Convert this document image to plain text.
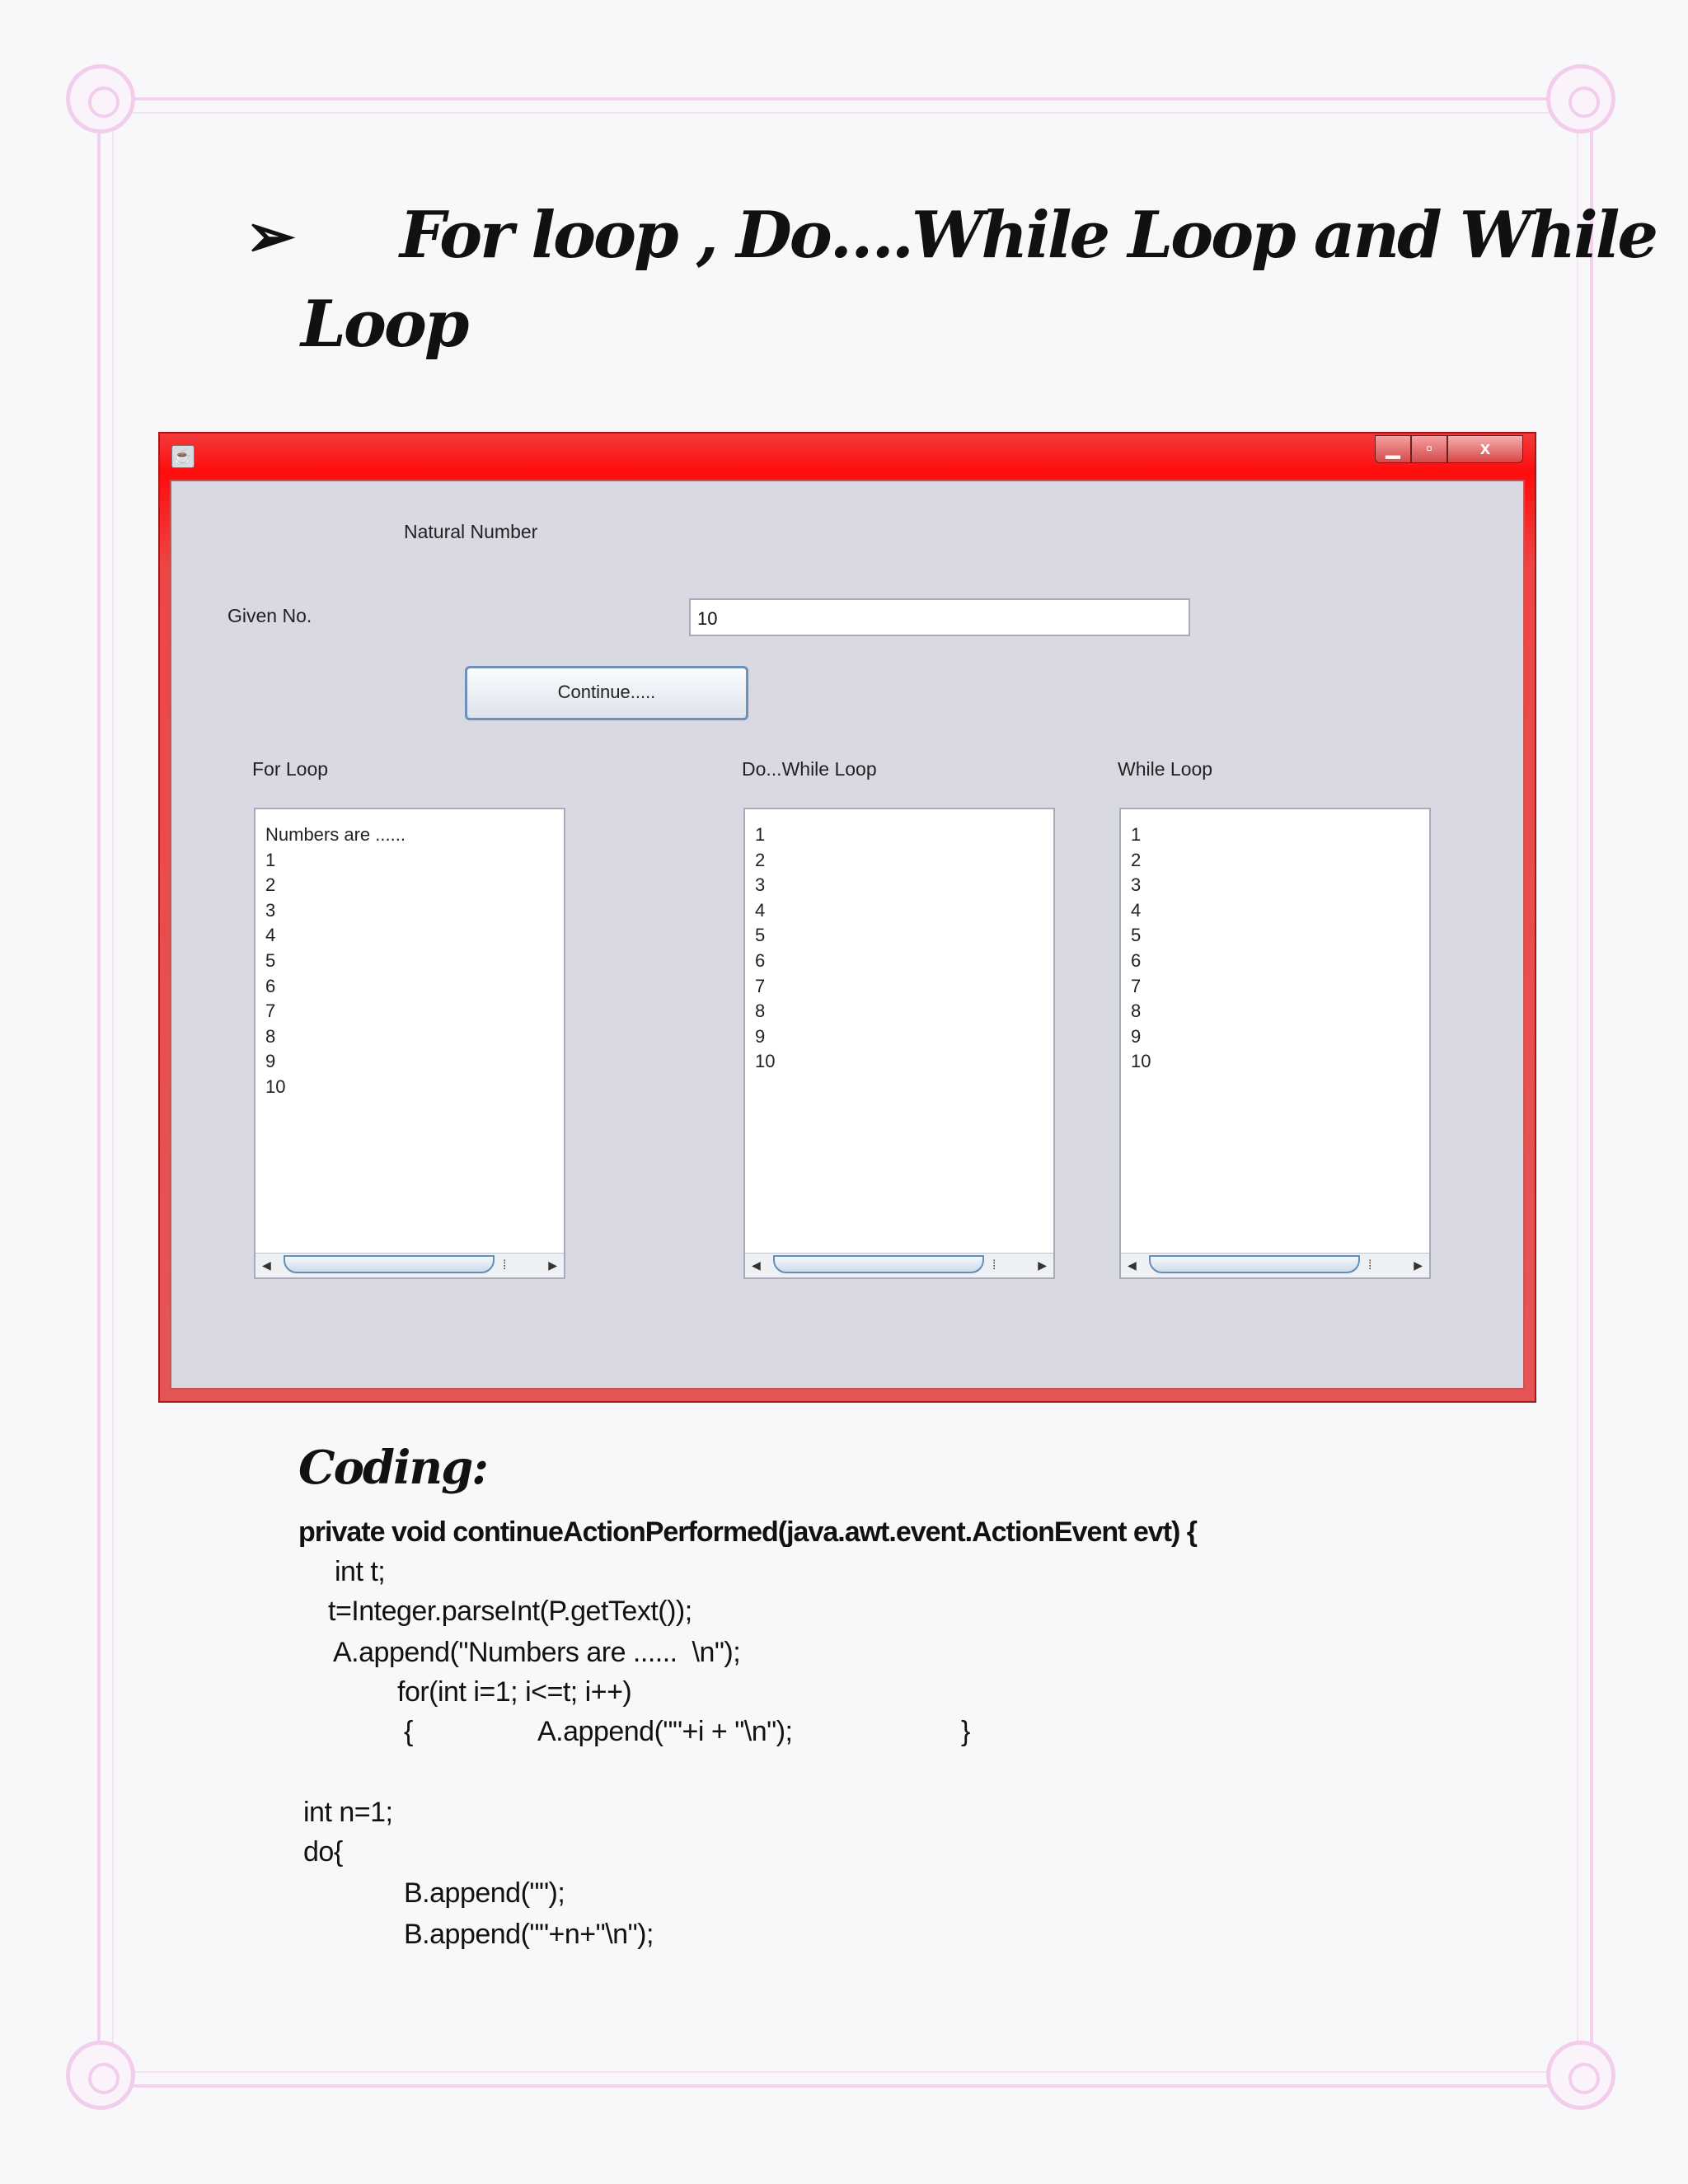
➢ For loop , Do….While Loop and While
Loop
☕	▁	▫	x
Natural Number
Given No.	10
Continue.....
For Loop	Do...While Loop	While Loop
Numbers are ......
1
2
3
4
5
6
7
8
9
10
◀	⁞	▶
1
2
3
4
5
6
7
8
9
10
◀	⁞	▶
1
2
3
4
5
6
7
8
9
10
◀	⁞	▶
Coding:
private void continueActionPerformed(java.awt.event.ActionEvent evt) {
int t;
t=Integer.parseInt(P.getText());
A.append("Numbers are ......  \n");
for(int i=1; i<=t; i++)
{	A.append(""+i + "\n");	}
int n=1;
do{
B.append("");
B.append(""+n+"\n");
